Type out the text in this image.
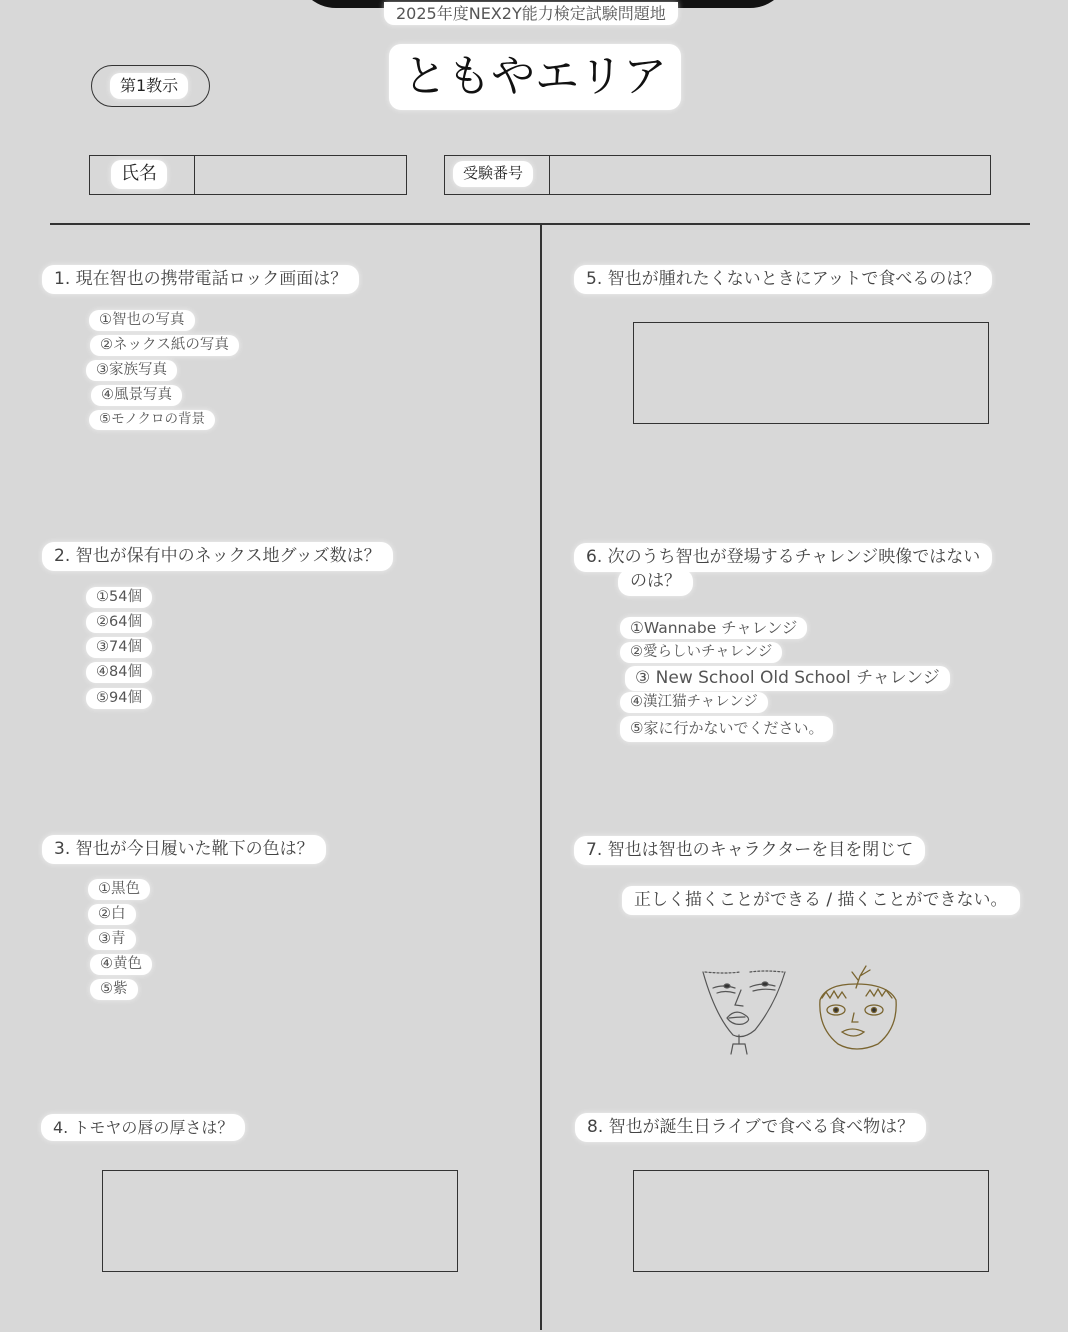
2025年度NEX2Y能力検定試験問題地
ともやエリア
第1教示
氏名	受験番号
1. 現在智也の携帯電話ロック画面は？
①智也の写真
②ネックス紙の写真
③家族写真
④風景写真
⑤モノクロの背景
2. 智也が保有中のネックス地グッズ数は？
①54個
②64個
③74個
④84個
⑤94個
3. 智也が今日履いた靴下の色は？
①黒色
②白
③青
④黄色
⑤紫
4. トモヤの唇の厚さは？
5. 智也が腫れたくないときにアットで食べるのは？
6. 次のうち智也が登場するチャレンジ映像ではない
のは？
①Wannabe チャレンジ
②愛らしいチャレンジ
③ New School Old School チャレンジ
④漢江猫チャレンジ
⑤家に行かないでください。
7. 智也は智也のキャラクターを目を閉じて
正しく描くことができる / 描くことができない。
8. 智也が誕生日ライブで食べる食べ物は？
